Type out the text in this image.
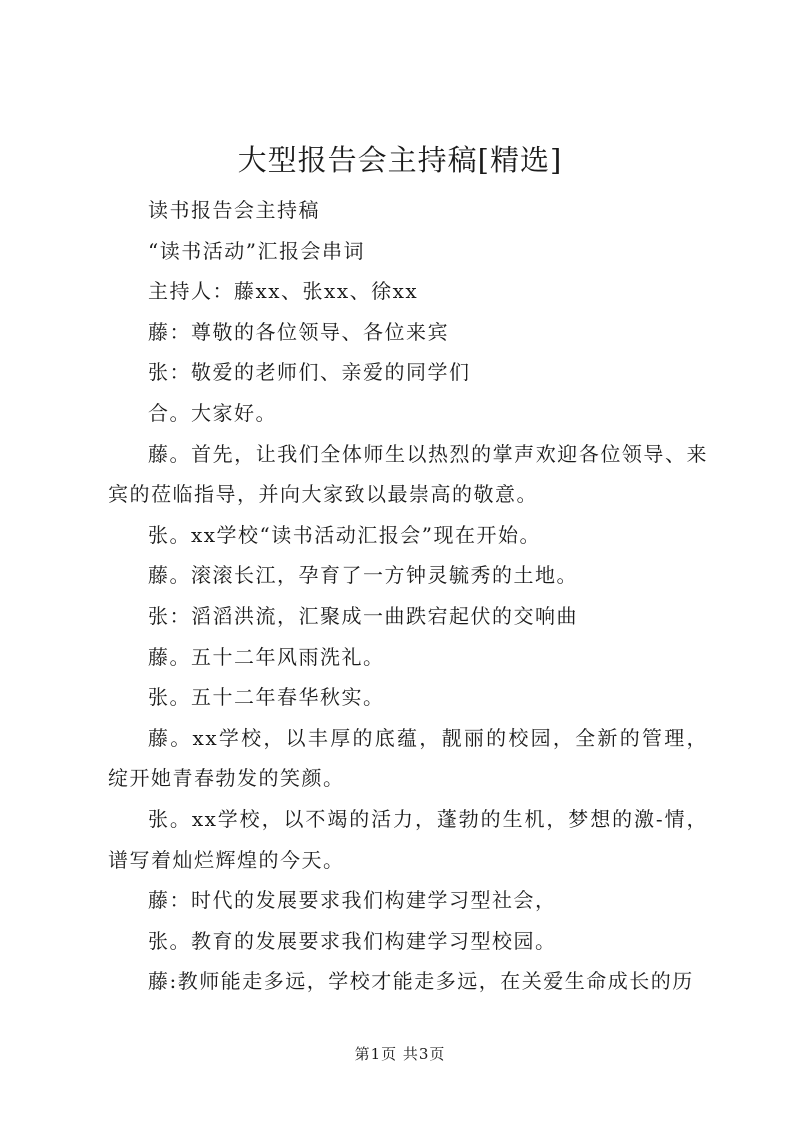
大型报告会主持稿[精选]

读书报告会主持稿

“读书活动”汇报会串词

主持人：藤xx、张xx、徐xx

藤：尊敬的各位领导、各位来宾

张：敬爱的老师们、亲爱的同学们

合。大家好。

藤。首先，让我们全体师生以热烈的掌声欢迎各位领导、来宾的莅临指导，并向大家致以最崇高的敬意。

张。xx学校“读书活动汇报会”现在开始。

藤。滚滚长江，孕育了一方钟灵毓秀的土地。

张：滔滔洪流，汇聚成一曲跌宕起伏的交响曲

藤。五十二年风雨洗礼。

张。五十二年春华秋实。

藤。xx学校，以丰厚的底蕴，靓丽的校园，全新的管理，绽开她青春勃发的笑颜。

张。xx学校，以不竭的活力，蓬勃的生机，梦想的激-情，谱写着灿烂辉煌的今天。

藤：时代的发展要求我们构建学习型社会，

张。教育的发展要求我们构建学习型校园。

藤:教师能走多远，学校才能走多远，在关爱生命成长的历

第1页 共3页
